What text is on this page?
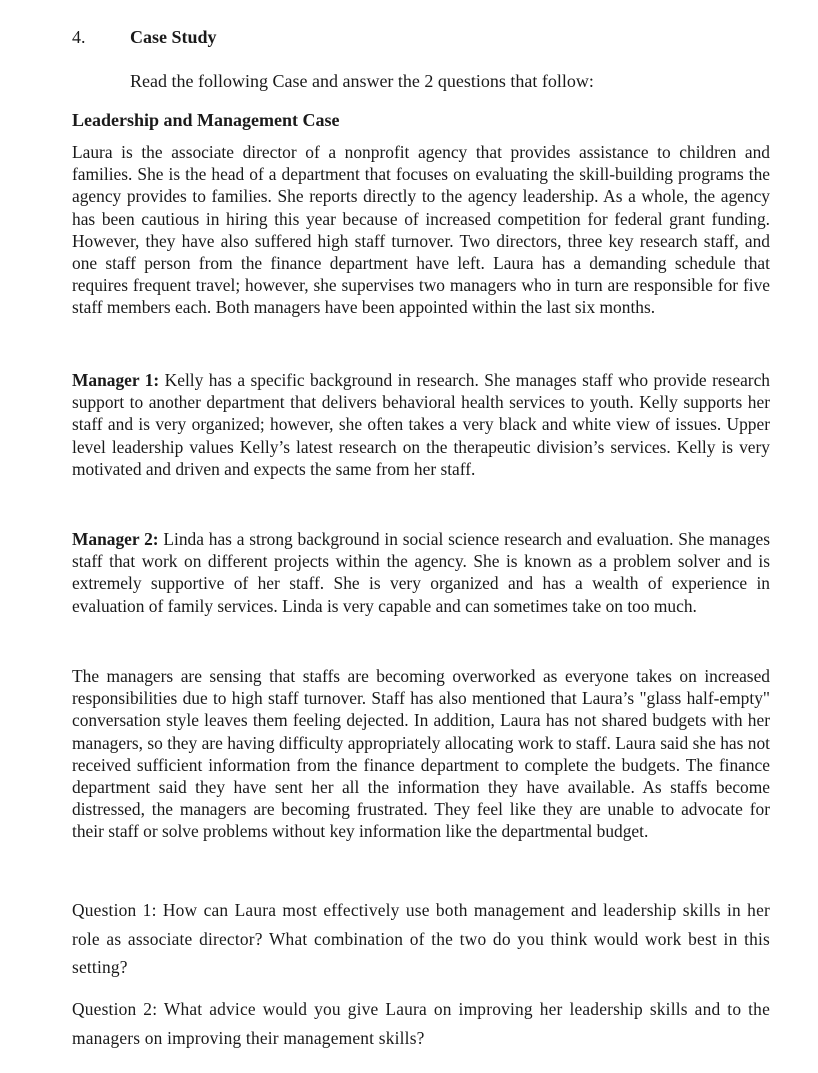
4. Case Study
Read the following Case and answer the 2 questions that follow:
Leadership and Management Case

Laura is the associate director of a nonprofit agency that provides assistance to children and families. She is the head of a department that focuses on evaluating the skill-building programs the agency provides to families. She reports directly to the agency leadership. As a whole, the agency has been cautious in hiring this year because of increased competition for federal grant funding. However, they have also suffered high staff turnover. Two directors, three key research staff, and one staff person from the finance department have left. Laura has a demanding schedule that requires frequent travel; however, she supervises two managers who in turn are responsible for five staff members each. Both managers have been appointed within the last six months.

Manager 1: Kelly has a specific background in research. She manages staff who provide research support to another department that delivers behavioral health services to youth. Kelly supports her staff and is very organized; however, she often takes a very black and white view of issues. Upper level leadership values Kelly’s latest research on the therapeutic division’s services. Kelly is very motivated and driven and expects the same from her staff.

Manager 2: Linda has a strong background in social science research and evaluation. She manages staff that work on different projects within the agency. She is known as a problem solver and is extremely supportive of her staff. She is very organized and has a wealth of experience in evaluation of family services. Linda is very capable and can sometimes take on too much.

The managers are sensing that staffs are becoming overworked as everyone takes on increased responsibilities due to high staff turnover. Staff has also mentioned that Laura’s "glass half-empty" conversation style leaves them feeling dejected. In addition, Laura has not shared budgets with her managers, so they are having difficulty appropriately allocating work to staff. Laura said she has not received sufficient information from the finance department to complete the budgets. The finance department said they have sent her all the information they have available. As staffs become distressed, the managers are becoming frustrated. They feel like they are unable to advocate for their staff or solve problems without key information like the departmental budget.

Question 1: How can Laura most effectively use both management and leadership skills in her role as associate director? What combination of the two do you think would work best in this setting?

Question 2: What advice would you give Laura on improving her leadership skills and to the managers on improving their management skills?
